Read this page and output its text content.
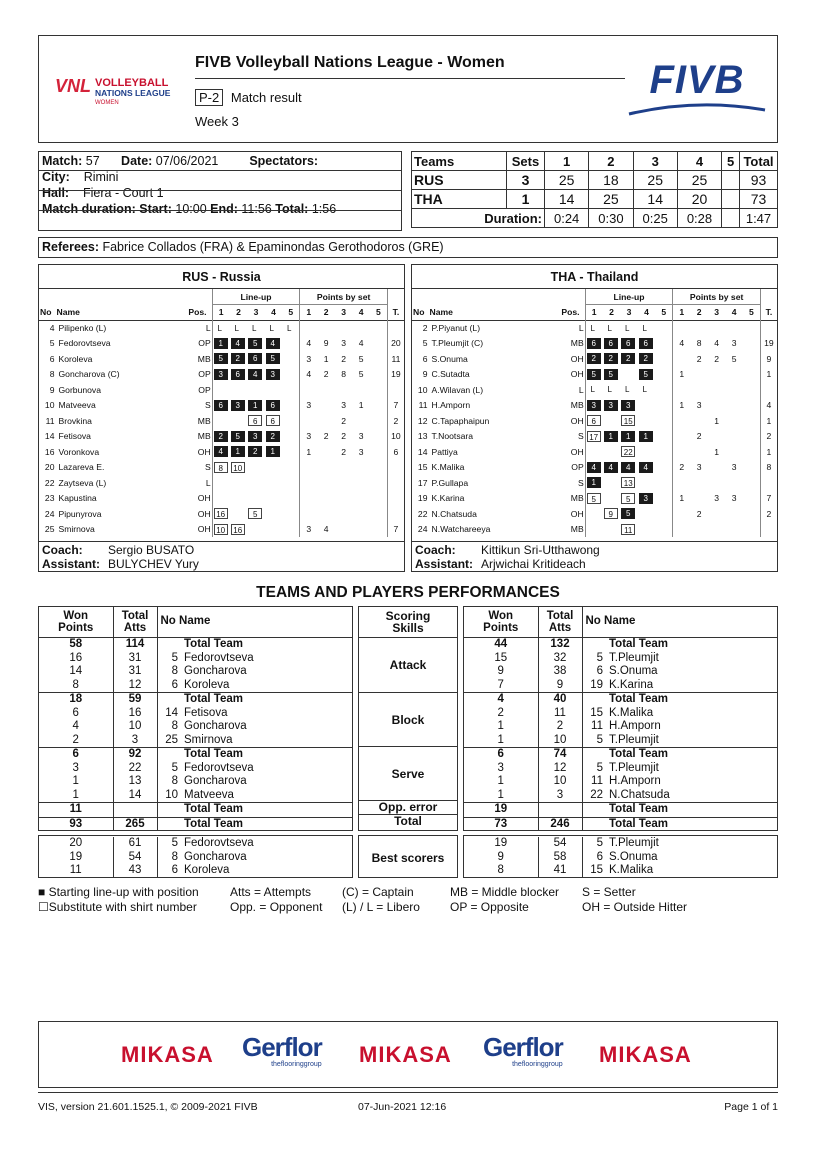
VNL VOLLEYBALL
NATIONS LEAGUE
WOMEN
FIVB Volleyball Nations League - Women
P-2 Match result
Week 3
FIVB
Match: 57	Date: 07/06/2021	Spectators:
City: Rimini
Hall: Fiera - Court 1
Match duration: Start: 10:00 End: 11:56 Total: 1:56
Teams	Sets	1	2	3	4	5	Total
RUS	3	25	18	25	25		93
THA	1	14	25	14	20		73
Duration:		0:24	0:30	0:25	0:28		1:47
Referees: Fabrice Collados (FRA) & Epaminondas Gerothodoros (GRE)
RUS - Russia
			Line-up					Points by set					
No	Name	Pos.	1	2	3	4	5	1	2	3	4	5	T.
4	Pilipenko (L)	L	L	L	L	L	L						
5	Fedorovtseva	OP	1	4	5	4		4	9	3	4		20
6	Koroleva	MB	5	2	6	5		3	1	2	5		11
8	Goncharova (C)	OP	3	6	4	3		4	2	8	5		19
9	Gorbunova	OP											
10	Matveeva	S	6	3	1	6		3		3	1		7
11	Brovkina	MB			6	6				2			2
14	Fetisova	MB	2	5	3	2		3	2	2	3		10
16	Voronkova	OH	4	1	2	1		1		2	3		6
20	Lazareva E.	S	8	10									
22	Zaytseva (L)	L											
23	Kapustina	OH											
24	Pipunyrova	OH	16		5								
25	Smirnova	OH	10	16				3	4				7
Coach: Sergio BUSATO
Assistant: BULYCHEV Yury
THA - Thailand
			Line-up					Points by set					
No	Name	Pos.	1	2	3	4	5	1	2	3	4	5	T.
2	P.Piyanut (L)	L	L	L	L	L							
5	T.Pleumjit (C)	MB	6	6	6	6		4	8	4	3		19
6	S.Onuma	OH	2	2	2	2			2	2	5		9
9	C.Sutadta	OH	5	5		5		1					1
10	A.Wilavan (L)	L	L	L	L	L							
11	H.Amporn	MB	3	3	3			1	3				4
12	C.Tapaphaipun	OH	6		15					1			1
13	T.Nootsara	S	17	1	1	1			2				2
14	Pattiya	OH			22					1			1
15	K.Malika	OP	4	4	4	4		2	3		3		8
17	P.Gullapa	S	1		13								
19	K.Karina	MB	5		5	3		1		3	3		7
22	N.Chatsuda	OH		9	5				2				2
24	N.Watchareeya	MB			11								
Coach: Kittikun Sri-Utthawong
Assistant: Arjwichai Kritideach
TEAMS AND PLAYERS PERFORMANCES
Won
Points	Total
Atts	No Name	
58	114		Total Team
16	31	5	Fedorovtseva
14	31	8	Goncharova
8	12	6	Koroleva
18	59		Total Team
6	16	14	Fetisova
4	10	8	Goncharova
2	3	25	Smirnova
6	92		Total Team
3	22	5	Fedorovtseva
1	13	8	Goncharova
1	14	10	Matveeva
11			Total Team
93	265		Total Team
Scoring
Skills
Attack
Block
Serve
Opp. error
Total
Won
Points	Total
Atts	No Name	
44	132		Total Team
15	32	5	T.Pleumjit
9	38	6	S.Onuma
7	9	19	K.Karina
4	40		Total Team
2	11	15	K.Malika
1	2	11	H.Amporn
1	10	5	T.Pleumjit
6	74		Total Team
3	12	5	T.Pleumjit
1	10	11	H.Amporn
1	3	22	N.Chatsuda
19			Total Team
73	246		Total Team
20	61	5	Fedorovtseva
19	54	8	Goncharova
11	43	6	Koroleva
Best scorers
19	54	5	T.Pleumjit
9	58	6	S.Onuma
8	41	15	K.Malika
■ Starting line-up with position	Atts = Attempts	(C) = Captain	MB = Middle blocker S = Setter
☐Substitute with shirt number	Opp. = Opponent (L) / L = Libero	OP = Opposite	OH = Outside Hitter
MIKASA Gerflor
theflooringgroup MIKASA Gerflor
theflooringgroup MIKASA
VIS, version 21.601.1525.1, © 2009-2021 FIVB	07-Jun-2021 12:16	Page 1 of 1
